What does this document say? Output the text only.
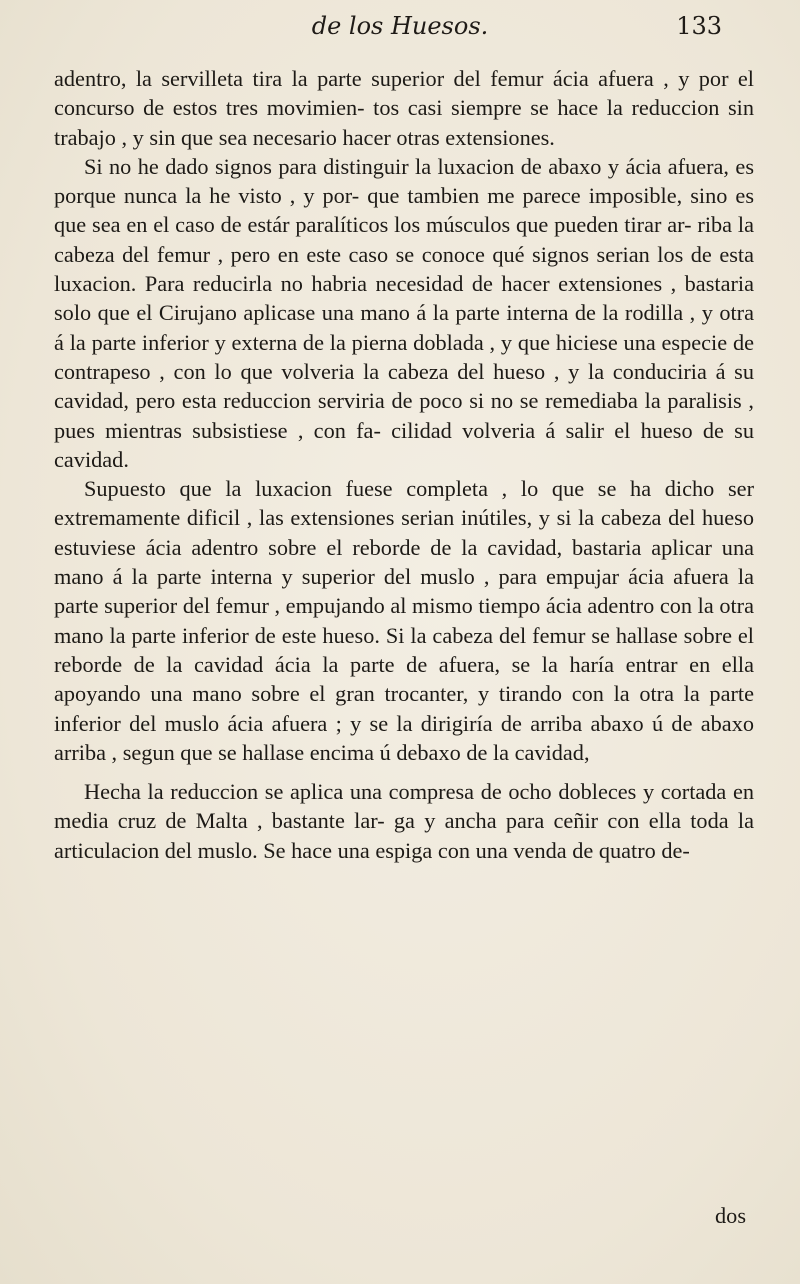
de los Huesos.	133

adentro, la servilleta tira la parte superior del femur ácia afuera , y por el concurso de estos tres movimien- tos casi siempre se hace la reduccion sin trabajo , y sin que sea necesario hacer otras extensiones.

Si no he dado signos para distinguir la luxacion de abaxo y ácia afuera, es porque nunca la he visto , y por- que tambien me parece imposible, sino es que sea en el caso de estár paralíticos los músculos que pueden tirar ar- riba la cabeza del femur , pero en este caso se conoce qué signos serian los de esta luxacion. Para reducirla no habria necesidad de hacer extensiones , bastaria solo que el Cirujano aplicase una mano á la parte interna de la rodilla , y otra á la parte inferior y externa de la pierna doblada , y que hiciese una especie de contrapeso , con lo que volveria la cabeza del hueso , y la conduciria á su cavidad, pero esta reduccion serviria de poco si no se remediaba la paralisis , pues mientras subsistiese , con fa- cilidad volveria á salir el hueso de su cavidad.

Supuesto que la luxacion fuese completa , lo que se ha dicho ser extremamente dificil , las extensiones serian inútiles, y si la cabeza del hueso estuviese ácia adentro sobre el reborde de la cavidad, bastaria aplicar una mano á la parte interna y superior del muslo , para empujar ácia afuera la parte superior del femur , empujando al mismo tiempo ácia adentro con la otra mano la parte inferior de este hueso. Si la cabeza del femur se hallase sobre el reborde de la cavidad ácia la parte de afuera, se la haría entrar en ella apoyando una mano sobre el gran trocanter, y tirando con la otra la parte inferior del muslo ácia afuera ; y se la dirigiría de arriba abaxo ú de abaxo arriba , segun que se hallase encima ú debaxo de la cavidad,

Hecha la reduccion se aplica una compresa de ocho dobleces y cortada en media cruz de Malta , bastante lar- ga y ancha para ceñir con ella toda la articulacion del muslo. Se hace una espiga con una venda de quatro de-

dos
